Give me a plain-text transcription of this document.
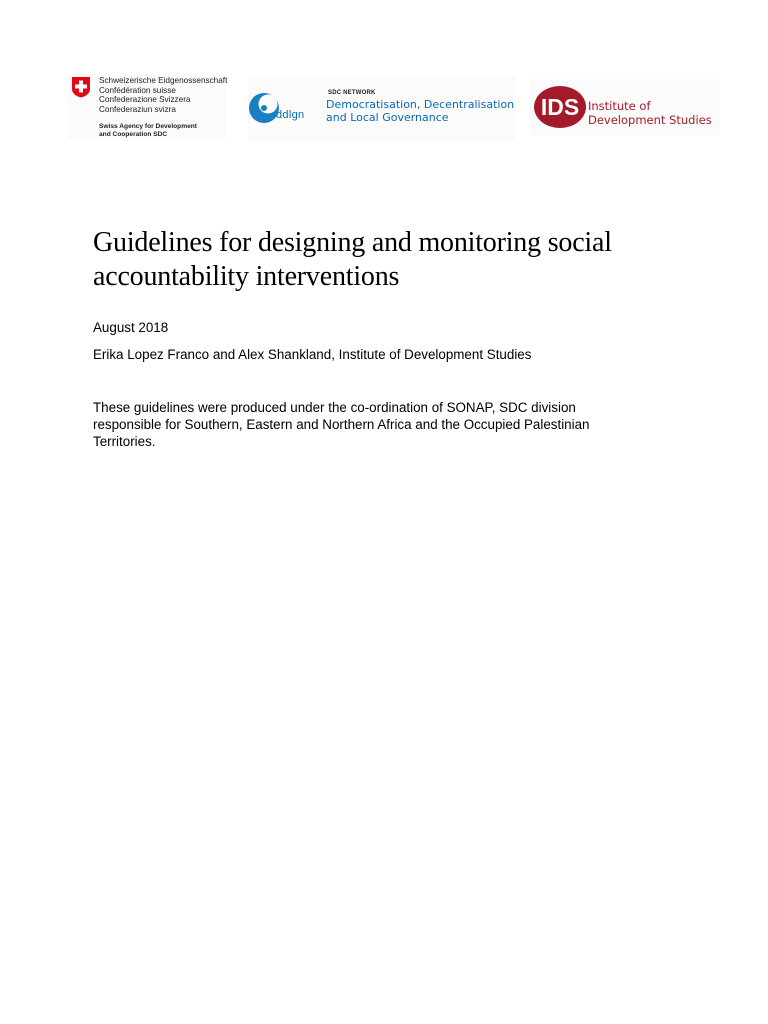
Schweizerische Eidgenossenschaft
Confédération suisse
Confederazione Svizzera
Confederaziun svizra
Swiss Agency for Development
and Cooperation SDC
ddlgn
SDC NETWORK
Democratisation, Decentralisation
and Local Governance	IDS Institute of
Development Studies
Guidelines for designing and monitoring social
accountability interventions

August 2018

Erika Lopez Franco and Alex Shankland, Institute of Development Studies

These guidelines were produced under the co-ordination of SONAP, SDC division
responsible for Southern, Eastern and Northern Africa and the Occupied Palestinian
Territories.
